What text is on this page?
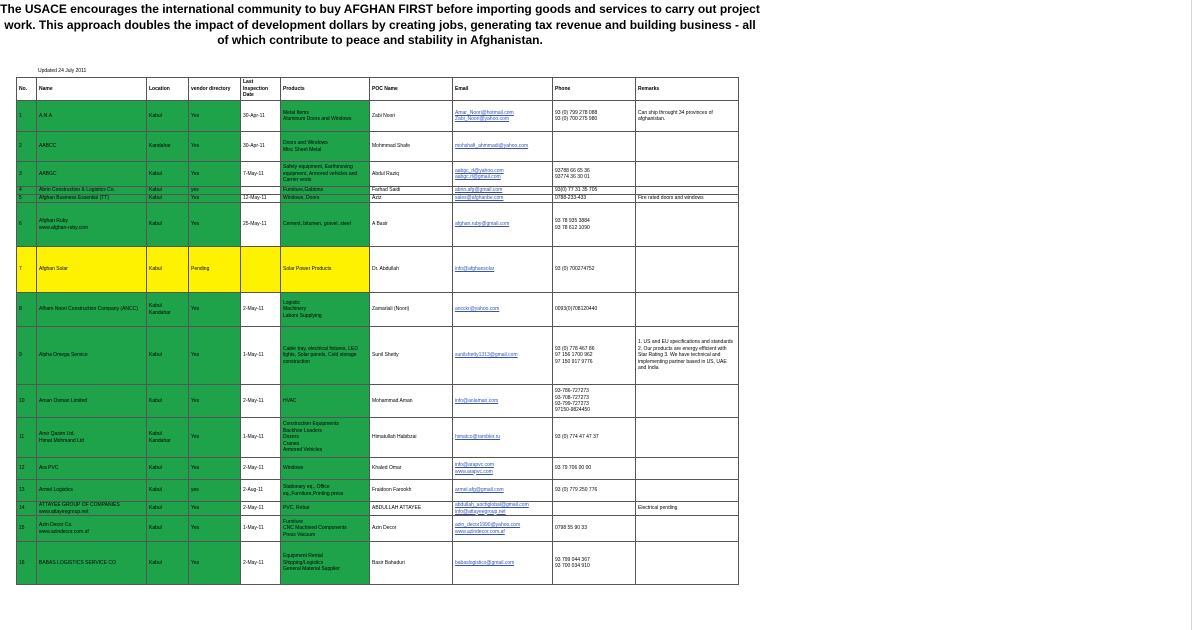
The USACE encourages the international community to buy AFGHAN FIRST before importing goods and services to carry out project
work. This approach doubles the impact of development dollars by creating jobs, generating tax revenue and building business - all
of which contribute to peace and stability in Afghanistan.
Updated 24 July 2011
No.	Name	Location	vendor directory	Last Inspection Date	Products	POC Name	Email	Phone	Remarks
1	A.N.A	Kabul	Yes	30-Apr-11	Metal Items
Aluminum Doors and Windows	Zabi Noori	Amar_Noori@hotmail.com
Zabi_Noori@yahoo.com	93 (0) 799 278 088
93 (0) 700 275 980	Can ship throught 34 provinces of afghanistan.
2	AABCC	Kandahar	Yes	30-Apr-11	Doors and Windows
Misc Sheet Metal	Mohmmad Shafe	mohshafi_ahmmadi@yahoo.com		
3	AABGC	Kabul	Yes	7-May-11	Safety equipment, Earthmoving equipment, Armored vehicles and Carrier vests	Abdul Raziq	aabgc_rl@yahoo.com
aabgc.rl@gmail.com	93788 66 65 36
93774 36 30 01	
4	Abrin Construction & Logistics Co.	Kabul	yes		Furniture,Gabions	Farhad Saidi	abrin.afg@gmail.com	93(0) 77 31 35 705	
5	Afghan Business Essential (TT)	Kabul	Yes	12-May-11	Windows, Doors	Aziz	sales@afghanbe.com	0788-233-433	Fire rated doors and windows
6	Afghan Ruby
www.afghan-ruby.com	Kabul	Yes	25-May-11	Cement, bitumen, gravel, steel	A Basir	afghan.ruby@gmail.com	93 78 935 3884
93 78 612 1090	
7	Afghan Solar	Kabul	Pending		Solar Power Products	Dr. Abdullah	info@afghansolar	93 (0) 700274752	
8	Afham Noori Construction Company (ANCC)	Kabul
Kandahar	Yes	2-May-11	Logistic
Machinery
Labors Supplying	Zamariali (Noori)	ancckr@yahoo.com	0093(0)708120440	
9	Alpha Omega Service	Kabul	Yes	1-May-11	Cable tray, electrical fixtures, LED lights, Solar panels, Cold storage construction	Sunil Shetty	sunilshetty1313@gmail.com	93 (0) 778 467 86
97 156 1700 962
97 150 917 9776	1. US and EU specifications and standards 2. Our products are energy efficient with Star Rating 3. We have technical and implementing partner based in US, UAE and India
10	Aman Osman Limited	Kabul	Yes	2-May-11	HVAC	Mohammad Aman	info@aolaman.com	93-786-727273
93-708-727273
93-799-727273
97150-9824450	
11	Amir Qasim Ltd.
Himat Mohmand Ltd	Kabul
Kandahar	Yes	1-May-11	Construction Equipments
Backhoe Loaders
Dozers
Cranes
Armored Vehicles	Himatullah Habibzai	himatco@rambler.ru	93 (0) 774 47 47 37	
12	Ara PVC	Kabul	Yes	2-May-11	Windows	Khaled Omar	info@arapvc.com
www.arapvc.com	93 79 706 00 00	
13	Armel Logistics	Kabul	yes	2-Aug-11	Stationary eq., Office eq.,Furniture,Printing press	Fraidoon Farookh	armel.afg@gmail.com	93 (0) 779 250 776	
14	ATTAYEE GROUP OF COMPANIES
www.attayeegroup.net	Kabul	Yes	2-May-11	PVC, Rebar	ABDULLAH ATTAYEE	abdullah_aochglobal@gmail.com
info@attayeegroup.net		Electrical pending
15	Azin Decor Co.
www.azindecor.com.af	Kabul	Yes	1-May-11	Furniture
CNC Machined Components
Press Vacuum	Azin Decor	azin_decor1990@yahoo.com
www.azindecor.com.af	0798 55 90 33	
16	BABAS LOGISTICS SERVICE CO	Kabul	Yes	2-May-11	Equipment Rental
Shipping/Logistics
General Material Supplier	Basir Bahaduri	babaslogistics@gmail.com	93 799 044 367
93 700 034 910	
